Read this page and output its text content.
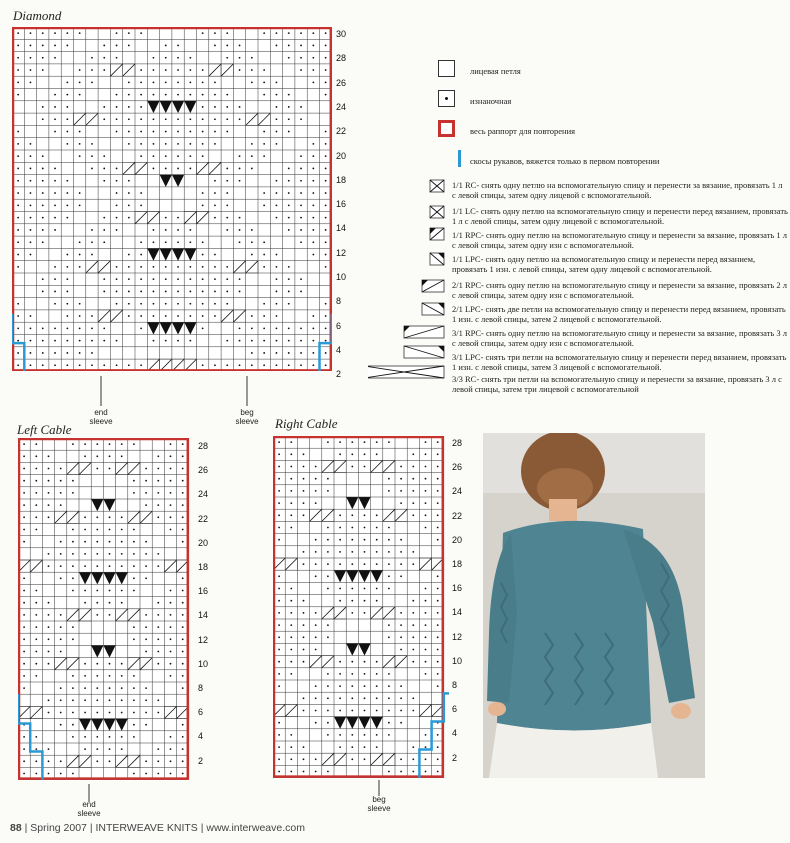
Diamond
30
28
26
24
22
20
18
16
14
12
10
8
6
4
2
end
sleeve
beg
sleeve
Left Cable
28
26
24
22
20
18
16
14
12
10
8
6
4
2
end
sleeve
Right Cable
28
26
24
22
20
18
16
14
12
10
8
6
4
2
beg
sleeve
лицевая петля
изнаночная
весь раппорт для повторения
скосы рукавов, вяжется только в первом повторении
1/1 RC- снять одну петлю на вспомогательную спицу и перенести за вязание, провязать 1 л с левой спицы, затем одну лицевой с вспомогательной.
1/1 LC- снять одну петлю на вспомогательную спицу и перенести перед вязанием, провязать 1 л с левой спицы, затем одну лицевой с вспомогательной.
1/1 RPC- снять одну петлю на вспомогательную спицу и перенести за вязание, провязать 1 л с левой спицы, затем одну изн с вспомогательной.
1/1 LPC- снять одну петлю на вспомогательную спицу и перенести перед вязанием, провязать 1 изн. с левой спицы, затем одну лицевой с вспомогательной.
2/1 RPC- снять одну петлю на вспомогательную спицу и перенести за вязание, провязать 2 л с левой спицы, затем одну изн с вспомогательной.
2/1 LPC- снять две петли на вспомогательную спицу и перенести перед вязанием, провязать 1 изн. с левой спицы, затем 2 лицевой с вспомогательной.
3/1 RPC- снять одну петлю на вспомогательную спицу и перенести за вязание, провязать 3 л с левой спицы, затем одну изн с вспомогательной.
3/1 LPC- снять три петли на вспомогательную спицу и перенести перед вязанием, провязать 1 изн. с левой спицы, затем 3 лицевой с вспомогательной.
3/3 RC- снять три петли на вспомогательную спицу и перенести за вязание, провязать 3 л с левой спицы, затем три лицевой с вспомогательной
88 | Spring 2007 | INTERWEAVE KNITS | www.interweave.com
